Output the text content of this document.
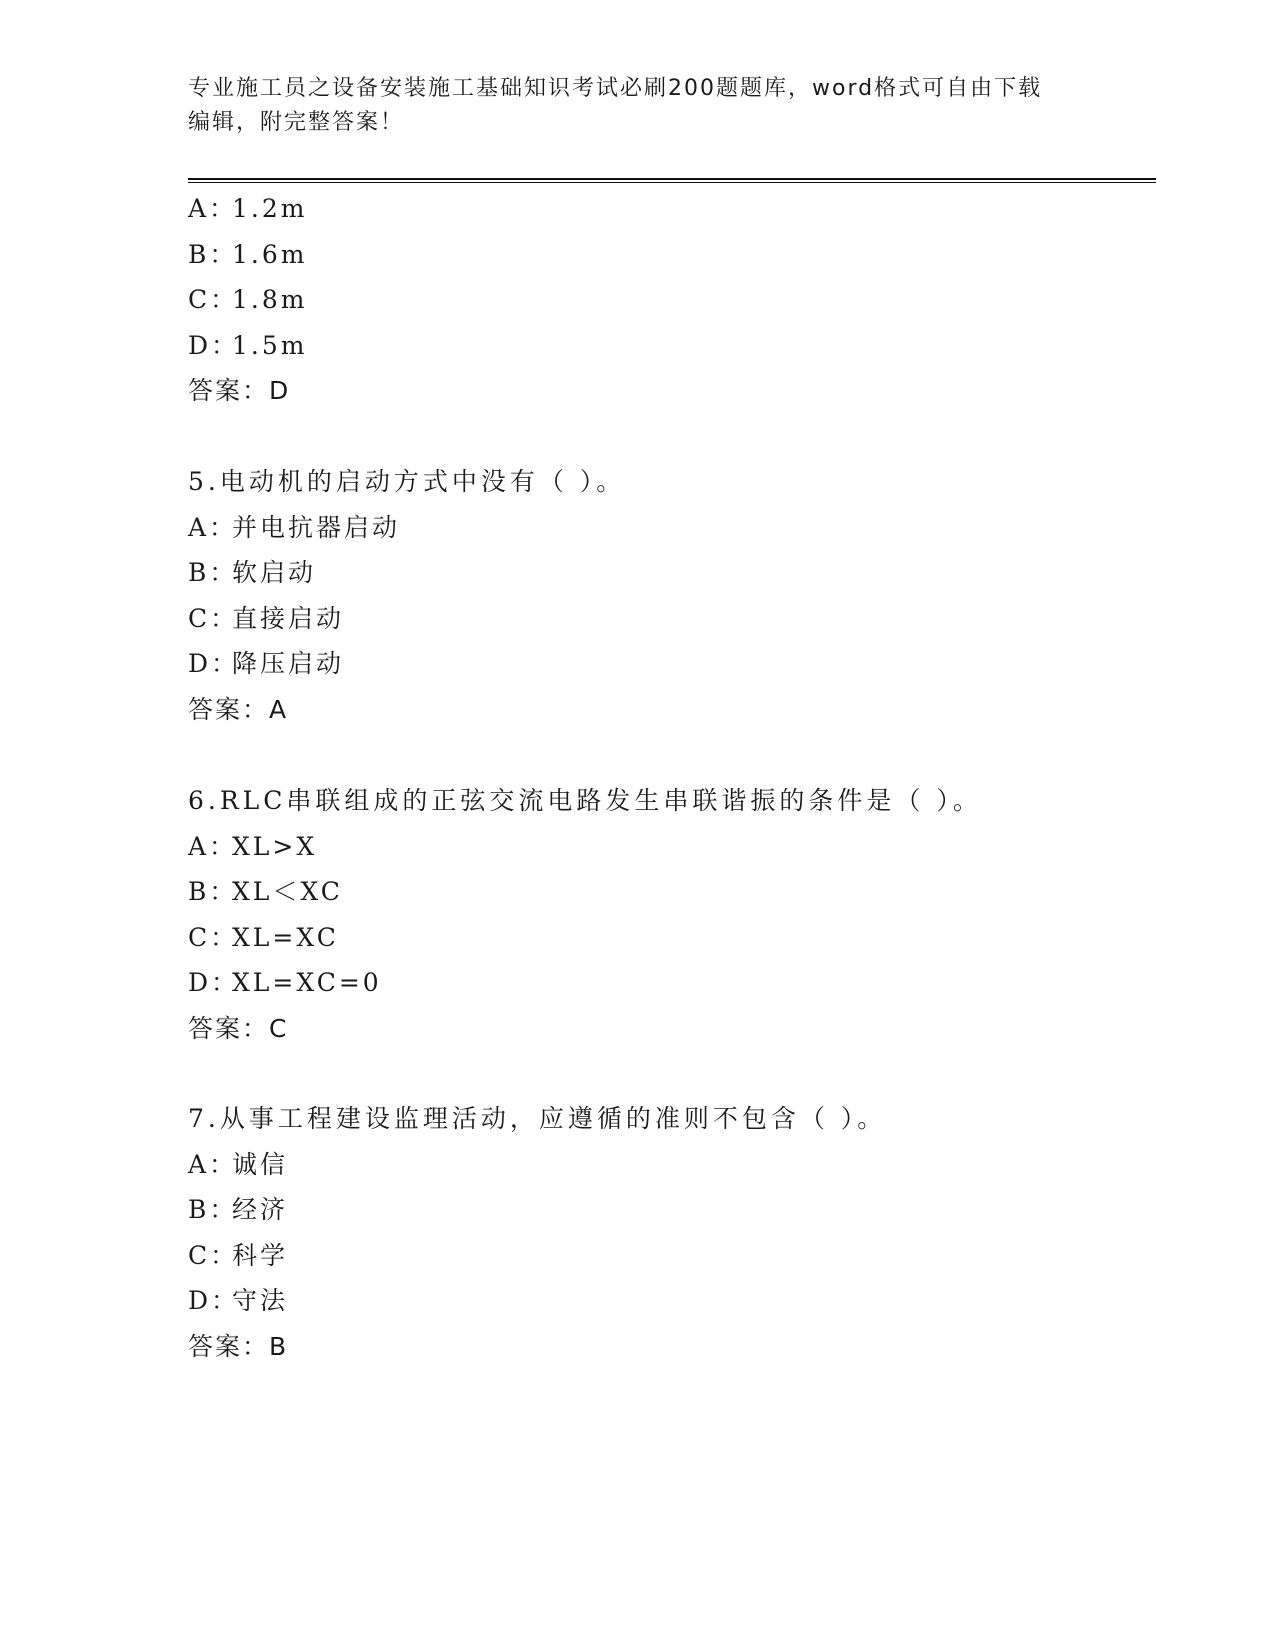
专业施工员之设备安装施工基础知识考试必刷200题题库，word格式可自由下载
编辑，附完整答案！
A：1.2m
B：1.6m
C：1.8m
D：1.5m
答案：D
5.电动机的启动方式中没有（ ）。
A：并电抗器启动
B：软启动
C：直接启动
D：降压启动
答案：A
6.RLC串联组成的正弦交流电路发生串联谐振的条件是（ ）。
A：XL>X
B：XL＜XC
C：XL=XC
D：XL=XC=0
答案：C
7.从事工程建设监理活动，应遵循的准则不包含（ ）。
A：诚信
B：经济
C：科学
D：守法
答案：B
